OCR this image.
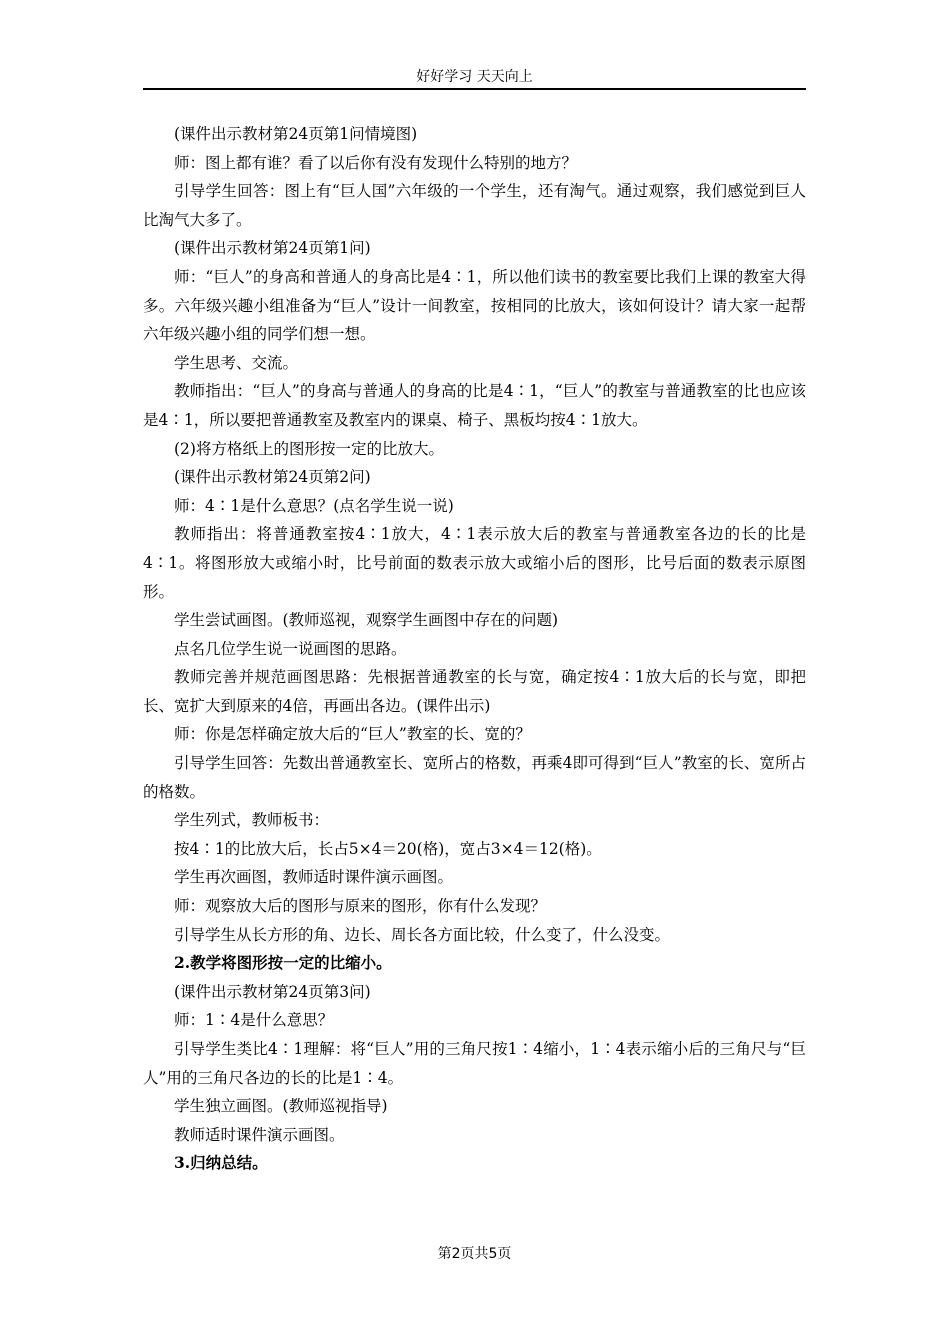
好好学习 天天向上

(课件出示教材第24页第1问情境图)

师：图上都有谁？看了以后你有没有发现什么特别的地方？

引导学生回答：图上有“巨人国”六年级的一个学生，还有淘气。通过观察，我们感觉到巨人比淘气大多了。

(课件出示教材第24页第1问)

师：“巨人”的身高和普通人的身高比是4∶1，所以他们读书的教室要比我们上课的教室大得多。六年级兴趣小组准备为“巨人”设计一间教室，按相同的比放大，该如何设计？请大家一起帮六年级兴趣小组的同学们想一想。

学生思考、交流。

教师指出：“巨人”的身高与普通人的身高的比是4∶1，“巨人”的教室与普通教室的比也应该是4∶1，所以要把普通教室及教室内的课桌、椅子、黑板均按4∶1放大。

(2)将方格纸上的图形按一定的比放大。

(课件出示教材第24页第2问)

师：4∶1是什么意思？(点名学生说一说)

教师指出：将普通教室按4∶1放大，4∶1表示放大后的教室与普通教室各边的长的比是4∶1。将图形放大或缩小时，比号前面的数表示放大或缩小后的图形，比号后面的数表示原图形。

学生尝试画图。(教师巡视，观察学生画图中存在的问题)

点名几位学生说一说画图的思路。

教师完善并规范画图思路：先根据普通教室的长与宽，确定按4∶1放大后的长与宽，即把长、宽扩大到原来的4倍，再画出各边。(课件出示)

师：你是怎样确定放大后的“巨人”教室的长、宽的？

引导学生回答：先数出普通教室长、宽所占的格数，再乘4即可得到“巨人”教室的长、宽所占的格数。

学生列式，教师板书：

按4∶1的比放大后，长占5×4＝20(格)，宽占3×4＝12(格)。

学生再次画图，教师适时课件演示画图。

师：观察放大后的图形与原来的图形，你有什么发现？

引导学生从长方形的角、边长、周长各方面比较，什么变了，什么没变。

2.教学将图形按一定的比缩小。

(课件出示教材第24页第3问)

师：1∶4是什么意思？

引导学生类比4∶1理解：将“巨人”用的三角尺按1∶4缩小，1∶4表示缩小后的三角尺与“巨人”用的三角尺各边的长的比是1∶4。

学生独立画图。(教师巡视指导)

教师适时课件演示画图。

3.归纳总结。

第2页共5页
